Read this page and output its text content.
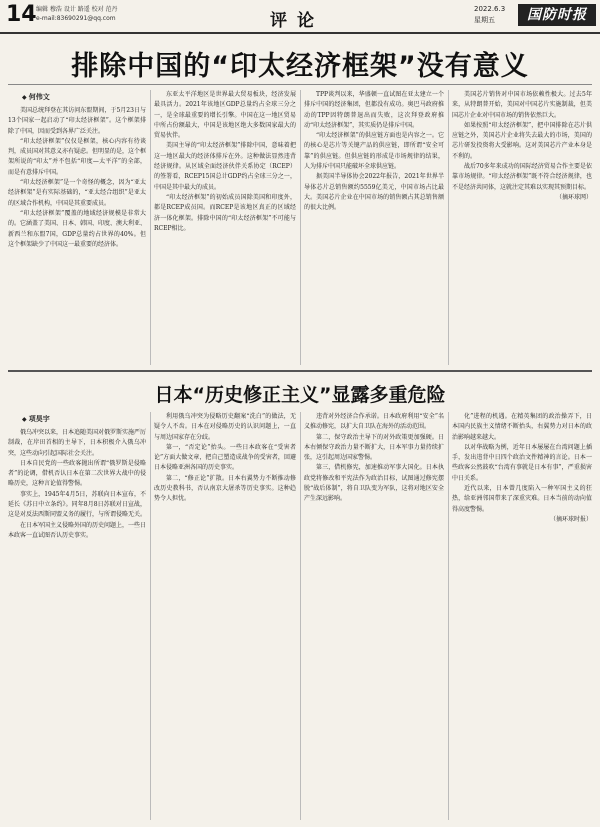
14 编辑 穆浩 设计 路遥 校对 范丹
e-mail:83690291@qq.com	评论
2022.6.3
星期五	国防时报
排除中国的“印太经济框架”没有意义
◆ 何伟文

美国总统拜登在其访问东盟期间，于5月23日与13个国家一起启动了“印太经济框架”。这个框架排除了中国，因而受到各界广泛关注。

“印太经济框架”仅仅是框架，核心内容有待谈判，成员国对其意义亦有疑虑。但明显的是，这个框架所说的“印太”并不包括“印度—太平洋”的全部，而是有意排斥中国。

“印太经济框架”是一个奇怪的概念，因为“亚太经济框架”是有实际基础的，“亚太经合组织”是亚太的区域合作机构，中国是其重要成员。

“印太经济框架”覆盖的地域经济规模是非常大的。它涵盖了美国、日本、韩国、印度、澳大利亚、新西兰和东盟7国，GDP总量约占世界的40%。但这个框架缺少了中国这一最重要的经济体。

东亚太平洋地区是世界最大贸易板块，经济发展最具活力。2021年该地区GDP总量约占全球三分之一，是全球最重要的增长引擎。中国在这一地区贸易中所占份额最大，中国是该地区绝大多数国家最大的贸易伙伴。

美国主导的“印太经济框架”排除中国，意味着把这一地区最大的经济体排斥在外。这种做法显然违背经济规律。从区域全面经济伙伴关系协定（RCEP）的签署看，RCEP15国总计GDP约占全球三分之一，中国是其中最大的成员。

“印太经济框架”的初始成员国除美国和印度外，都是RCEP成员国。而RCEP是该地区真正的区域经济一体化框架。排除中国的“印太经济框架”不可能与RCEP相比。

TPP谈判以来，华盛顿一直试图在亚太建立一个排斥中国的经济集团，但都没有成功。奥巴马政府推动的TPP因特朗普退出而失败，这次拜登政府推动“印太经济框架”，其实质仍是排斥中国。

“印太经济框架”的供应链方面也是内容之一。它的核心是芯片等关键产品的供应链，即所谓“安全可靠”的供应链。但供应链的形成是市场规律的结果，人为排斥中国只能破坏全球供应链。

据美国半导体协会2022年报告，2021年世界半导体芯片总销售额约5559亿美元，中国市场占比最大。美国芯片企业在中国市场的销售额占其总销售额的很大比例。

美国芯片销售对中国市场依赖性极大。过去5年来，从特朗普开始，美国对中国芯片实施制裁，但美国芯片企业对中国市场的销售依然巨大。

如果按照“印太经济框架”，把中国排除在芯片供应链之外，美国芯片企业将失去最大的市场，美国的芯片研发投资将大受影响。这对美国芯片产业本身是不利的。

战后70多年来成功的国际经济贸易合作主要是依靠市场规律。“印太经济框架”既不符合经济规律，也不是经济共同体，这就注定其难以实现其预期目标。

（摘环球网）
日本“历史修正主义”显露多重危险
◆ 项昊宇

俄乌冲突以来，日本追随美国对俄罗斯实施严厉制裁，在岸田首相的主导下，日本积极介入俄乌冲突，这些动向引起国际社会关注。

日本自民党的一些政客抛出所谓“俄罗斯是侵略者”的论调，借机否认日本在第二次世界大战中的侵略历史，这种言论值得警惕。

事实上，1945年4月5日，苏联向日本宣布，不延长《苏日中立条约》。同年8月8日苏联对日宣战，这是对反法西斯同盟义务的履行，与所谓侵略无关。

在日本军国主义侵略外国的历史问题上，一些日本政客一直试图否认历史事实。

利用俄乌冲突为侵略历史翻案“洗白”的做法，无疑令人不齿。日本在对侵略历史的认识问题上，一直与周边国家存在分歧。

第一，“否定论”抬头。一些日本政客在“受害者论”方面大做文章，把自己塑造成战争的受害者，回避日本侵略亚洲各国的历史事实。

第二，“修正论”扩散。日本右翼势力不断推动修改历史教科书，否认南京大屠杀等历史事实。这种趋势令人担忧。

违背对外经济合作承诺。日本政府利用“安全”名义推动修宪，以扩大自卫队在海外的活动范围。

第二，保守政治主导下的对外政策更加强硬。日本右倾保守政治力量不断扩大，日本军事力量持续扩张，这引起周边国家警惕。

第三，借机修宪，加速推动军事大国化。日本执政党将修改和平宪法作为政治目标，试图通过修宪摆脱“战后体制”，将自卫队变为军队，这将对地区安全产生深远影响。

化”进程的机遇。在精英集团的政治操弄下，日本国内民族主义情绪不断抬头，右翼势力对日本的政治影响越来越大。

以对华战略为例，近年日本屡屡在台湾问题上插手，发出违背中日四个政治文件精神的言论。日本一些政客公然鼓吹“台湾有事就是日本有事”，严重损害中日关系。

近代以来，日本曾几度陷入一种军国主义的狂热，给亚洲邻国带来了深重灾难。日本当前的动向值得高度警惕。

（摘环球时报）
